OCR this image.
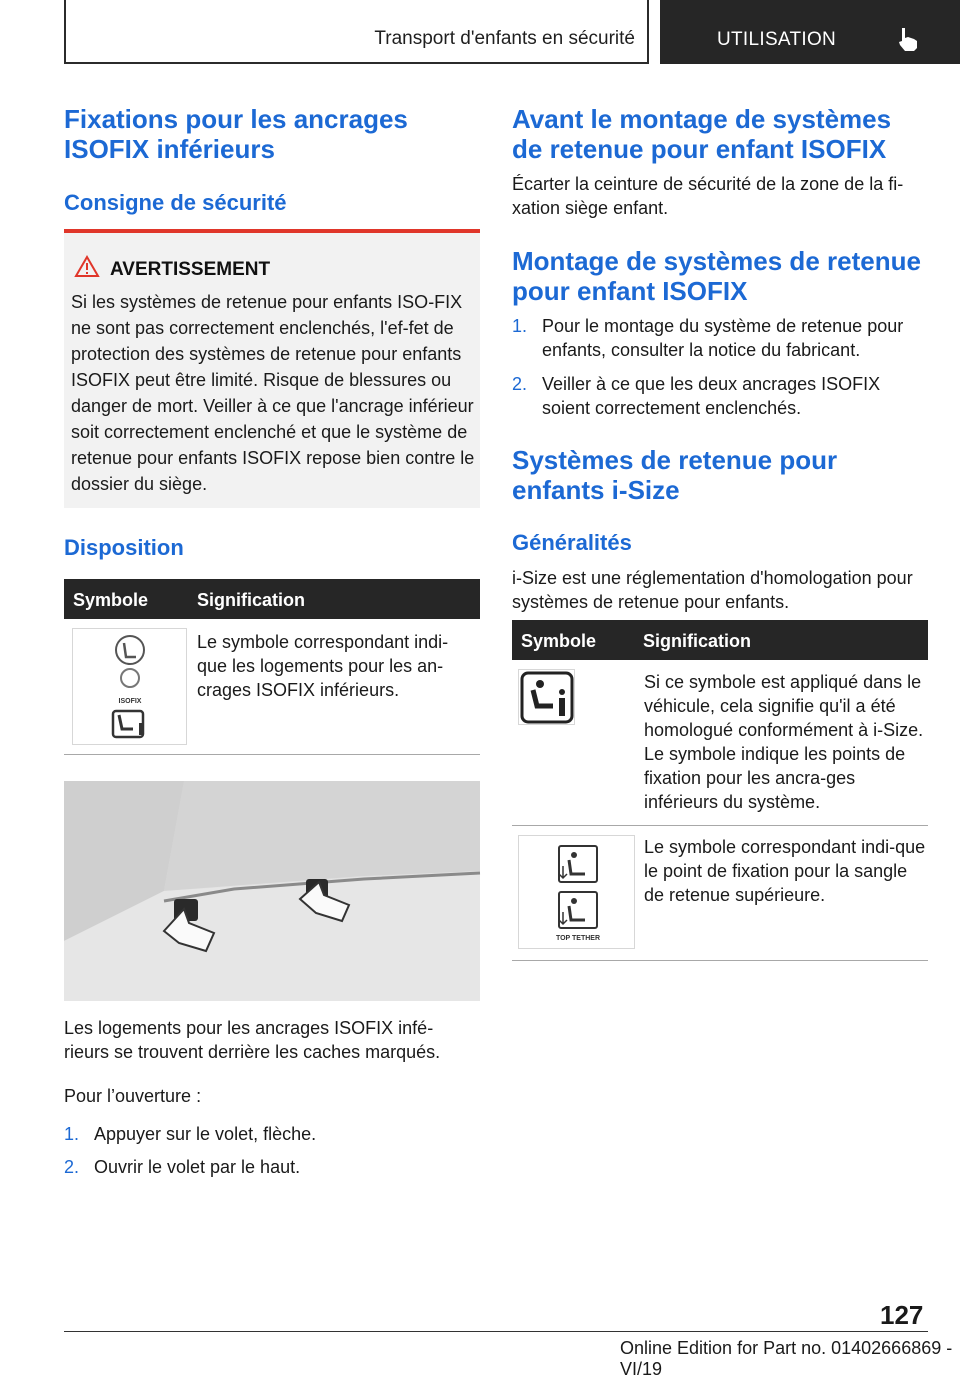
Transport d'enfants en sécurité	UTILISATION
Fixations pour les ancrages ISOFIX inférieurs
Consigne de sécurité
AVERTISSEMENT

Si les systèmes de retenue pour enfants ISO-FIX ne sont pas correctement enclenchés, l'ef-fet de protection des systèmes de retenue pour enfants ISOFIX peut être limité. Risque de blessures ou danger de mort. Veiller à ce que l'ancrage inférieur soit correctement enclenché et que le système de retenue pour enfants ISOFIX repose bien contre le dossier du siège.

Disposition
Symbole	Signification
ISOFIX

Le symbole correspondant indi-que les logements pour les an-crages ISOFIX inférieurs.

Les logements pour les ancrages ISOFIX infé-rieurs se trouvent derrière les caches marqués.

Pour l’ouverture :

1. Appuyer sur le volet, flèche.
2. Ouvrir le volet par le haut.
Avant le montage de systèmes de retenue pour enfant ISOFIX

Écarter la ceinture de sécurité de la zone de la fi-xation siège enfant.

Montage de systèmes de retenue pour enfant ISOFIX
1. Pour le montage du système de retenue pour enfants, consulter la notice du fabricant.
2. Veiller à ce que les deux ancrages ISOFIX soient correctement enclenchés.
Systèmes de retenue pour enfants i-Size
Généralités

i-Size est une réglementation d'homologation pour systèmes de retenue pour enfants.

Symbole	Signification

Si ce symbole est appliqué dans le véhicule, cela signifie qu'il a été homologué conformément à i-Size. Le symbole indique les points de fixation pour les ancra-ges inférieurs du système.

TOP TETHER

Le symbole correspondant indi-que le point de fixation pour la sangle de retenue supérieure.

127
Online Edition for Part no. 01402666869 - VI/19
